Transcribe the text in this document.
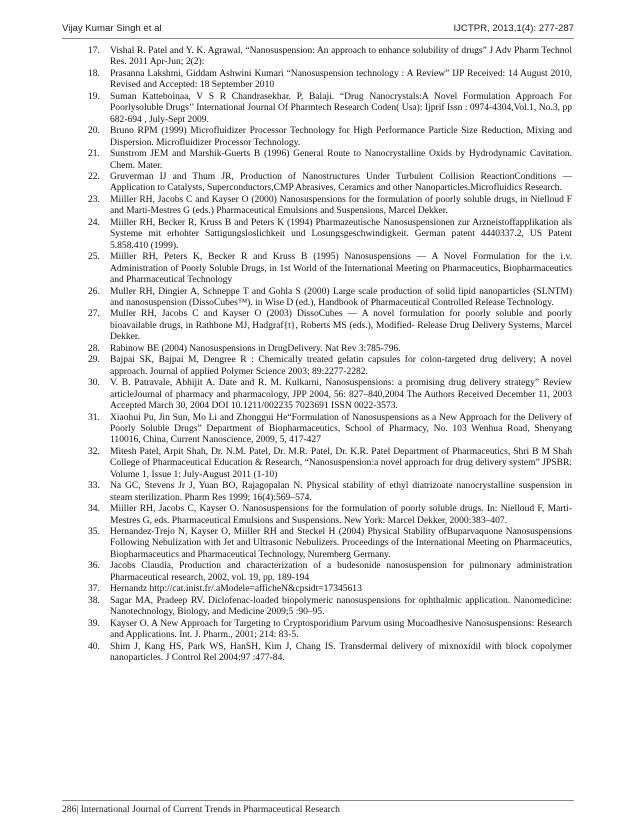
Vijay Kumar Singh et al	IJCTPR, 2013,1(4): 277-287
17.	Vishal R. Patel and Y. K. Agrawal, “Nanosuspension: An approach to enhance solubility of drugs” J Adv Pharm Technol Res. 2011 Apr-Jun; 2(2):
18.	Prasanna Lakshmi, Giddam Ashwini Kumari “Nanosuspension technology : A Review” IJP Received: 14 August 2010, Revised and Accepted: 18 September 2010
19.	Suman Katteboinaa, V S R Chandrasekhar. P, Balaji. “Drug Nanocrystals:A Novel Formulation Approach For Poorlysoluble Drugs’’ International Journal Of Pharmtech Research Coden( Usa): Ijprif Issn : 0974-4304,Vol.1, No.3, pp 682-694 , July-Sept 2009.
20.	Bruno RPM (1999) Microfluidizer Processor Technology for High Performance Particle Size Reduction, Mixing and Dispersion. Microfluidizer Processor Technology.
21.	Sunstrom JEM and Marshik-Guerts B (1996) General Route to Nanocrystalline Oxids by Hydrodynamic Cavitation. Chem. Mater.
22.	Gruverman IJ and Thum JR, Production of Nanostructures Under Turbulent Collision ReactionConditions — Application to Catalysts, Superconductors,CMP Abrasives, Ceramics and other Nanoparticles.Microfluidics Research.
23.	Miiller RH, Jacobs C and Kayser O (2000) Nanosuspensions for the formulation of poorly soluble drugs, in Nielloud F and Marti-Mestres G (eds.) Pharmaceutical Emulsions and Suspensions, Marcel Dekker.
24.	Miiller RH, Becker R, Kruss B and Peters K (1994) Pharmazeutische Nanosuspensionen zur Arzneistoffapplikation als Systeme mit erhohter Sattigungsloslichkeit und Losungsgeschwindigkeit. German patent 4440337.2, US Patent 5.858.410 (1999).
25.	Miiller RH, Peters K, Becker R and Kruss B (1995) Nanosuspensions — A Novel Formulation for the i.v. Administration of Poorly Soluble Drugs, in 1st World of the International Meeting on Pharmaceutics, Biopharmaceutics and Pharmaceutical Technology
26.	Muller RH, Dingier A, Schneppe T and Gohla S (2000) Large scale production of solid lipid nanoparticles (SLNTM) and nanosuspension (DissoCubes™). in Wise D (ed.), Handbook of Pharmaceutical Controlled Release Technology.
27.	Muller RH, Jacobs C and Kayser O (2003) DissoCubes — A novel formulation for poorly soluble and poorly bioavailable drugs, in Rathbone MJ, Hadgraf{t}, Roberts MS (eds.), Modified- Release Drug Delivery Systems, Marcel Dekker.
28.	Rabinow BE (2004) Nanosuspensions in DrugDelivery. Nat Rev 3:785-796.
29.	Bajpai SK, Bajpai M, Dengree R : Chemically treated gelatin capsules for colon-targeted drug delivery; A novel approach. Journal of applied Polymer Science 2003; 89:2277-2282.
30.	V. B. Patravale, Abhijit A. Date and R. M. Kulkarni, Nanosuspensions: a promising drug delivery strategy” Review articleJournal of pharmacy and pharmacology, JPP 2004, 56: 827–840,2004 The Authors Received December 11, 2003 Accepted March 30, 2004 DOI 10.1211/002235 7023691 ISSN 0022-3573.
31.	Xiaohui Pu, Jin Sun, Mo Li and Zhonggui He“Formulation of Nanosuspensions as a New Approach for the Delivery of Poorly Soluble Drugs” Department of Biopharmaceutics, School of Pharmacy, No. 103 Wenhua Road, Shenyang 110016, China, Current Nanoscience, 2009, 5, 417-427
32.	Mitesh Patel, Arpit Shah, Dr. N.M. Patel, Dr. M.R. Patel, Dr. K.R. Patel Department of Pharmaceutics, Shri B M Shah College of Pharmaceutical Education & Research, “Nanosuspension:a novel approach for drug delivery system” JPSBR: Volume 1, Issue 1: July-August 2011 (1-10)
33.	Na GC, Stevens Jr J, Yuan BO, Rajagopalan N. Physical stability of ethyl diatrizoate nanocrystalline suspension in steam sterilization. Pharm Res 1999; 16(4):569–574.
34.	Miiller RH, Jacobs C, Kayser O. Nanosuspensions for the formulation of poorly soluble drugs. In: Nielloud F, Marti-Mestres G, eds. Pharmaceutical Emulsions and Suspensions. New York: Marcel Dekker, 2000:383–407.
35.	Hernandez-Trejo N, Kayser O, Miiller RH and Steckel H (2004) Physical Stability ofBuparvaquone Nanosuspensions Following Nebulization with Jet and Ultrasonic Nebulizers. Proceedings of the International Meeting on Pharmaceutics, Biopharmaceutics and Pharmaceutical Technology, Nuremberg Germany.
36.	Jacobs Claudia, Production and characterization of a budesonide nanosuspension for pulmonary administration Pharmaceutical research, 2002, vol. 19, pp. 189-194
37.	Hernandz http://cat.inist.fr/.aModele=afficheN&cpsidt=17345613
38.	Sagar MA, Pradeep RV. Diclofenac-loaded biopolymeric nanosuspensions for ophthalmic application. Nanomedicine: Nanotechnology, Biology, and Medicine 2009;5 :90–95.
39.	Kayser O. A New Approach for Targeting to Cryptosporidium Parvum using Mucoadhesive Nanosuspensions: Research and Applications. Int. J. Pharm., 2001; 214: 83-5.
40.	Shim J, Kang HS, Park WS, HanSH, Kim J, Chang IS. Transdermal delivery of mixnoxidil with block copolymer nanoparticles. J Control Rel 2004;97 :477-84.
286| International Journal of Current Trends in Pharmaceutical Research
